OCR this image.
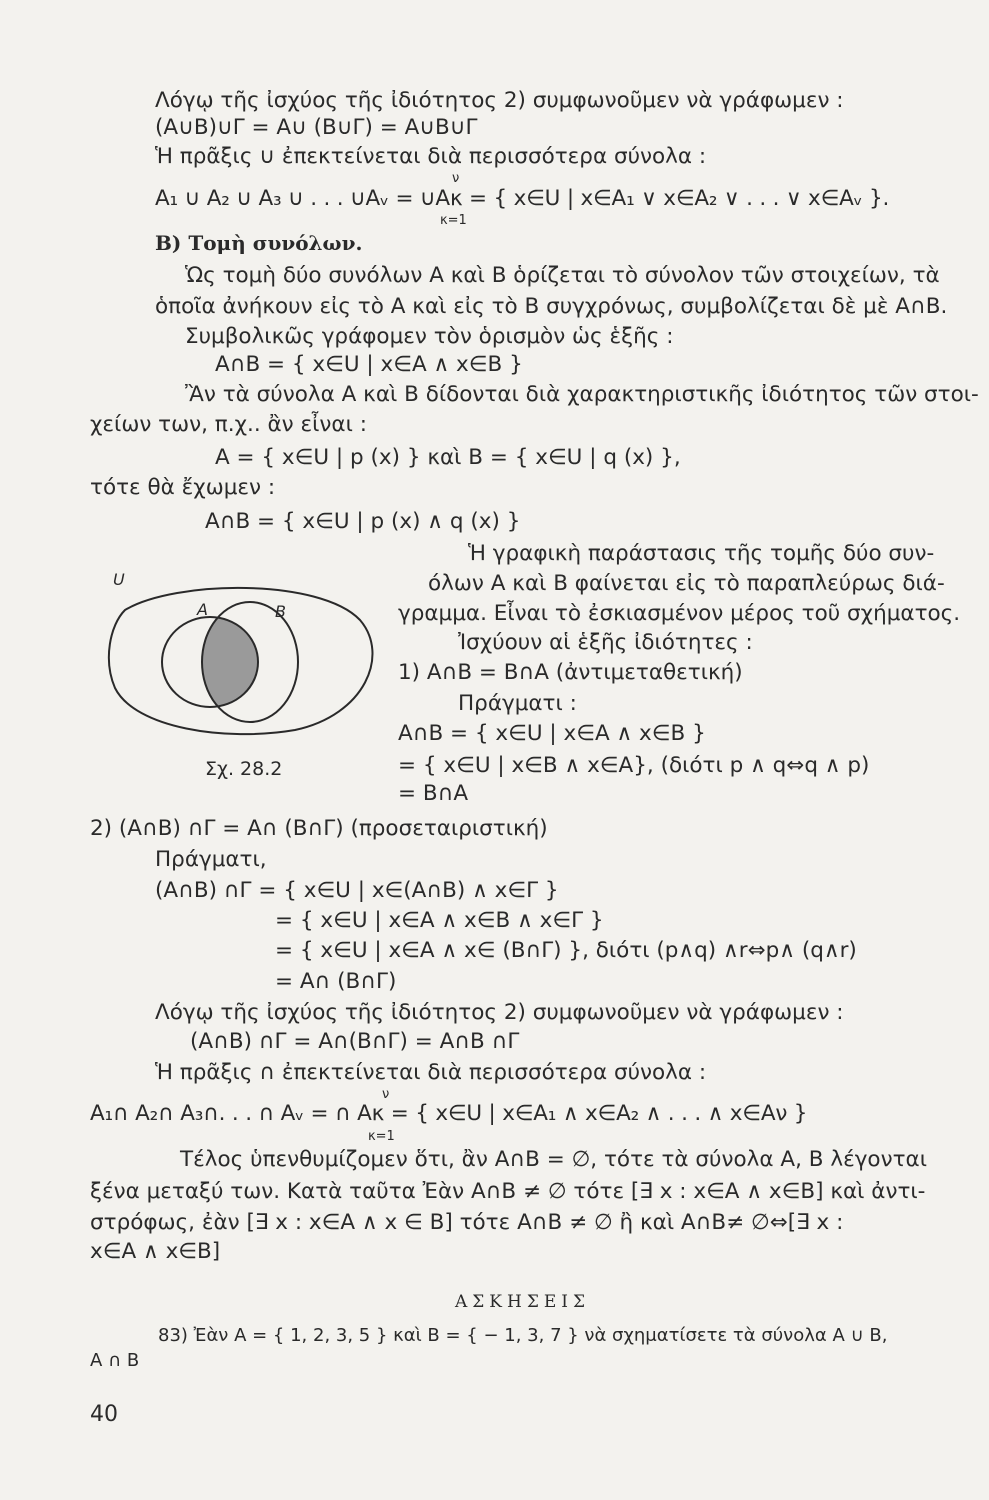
Λόγῳ τῆς ἰσχύος τῆς ἰδιότητος 2) συμφωνοῦμεν νὰ γράφωμεν :
(A∪B)∪Γ = A∪ (B∪Γ) = A∪B∪Γ
Ἡ πρᾶξις ∪ ἐπεκτείνεται διὰ περισσότερα σύνολα :
ν
A₁ ∪ A₂ ∪ A₃ ∪ . . . ∪Aᵥ = ∪Aκ = { x∈U | x∈A₁ ∨ x∈A₂ ∨ . . . ∨ x∈Aᵥ }.
κ=1
B) Τομὴ συνόλων.
Ὡς τομὴ δύο συνόλων A καὶ B ὁρίζεται τὸ σύνολον τῶν στοιχείων, τὰ
ὁποῖα ἀνήκουν εἰς τὸ A καὶ εἰς τὸ B συγχρόνως, συμβολίζεται δὲ μὲ A∩B.
Συμβολικῶς γράφομεν τὸν ὁρισμὸν ὡς ἑξῆς :
A∩B = { x∈U | x∈A ∧ x∈B }
Ἂν τὰ σύνολα A καὶ B δίδονται διὰ χαρακτηριστικῆς ἰδιότητος τῶν στοι-
χείων των, π.χ.. ἂν εἶναι :
A = { x∈U | p (x) } καὶ B = { x∈U | q (x) },
τότε θὰ ἔχωμεν :
A∩B = { x∈U | p (x) ∧ q (x) }
Ἡ γραφικὴ παράστασις τῆς τομῆς δύο συν-
όλων A καὶ B φαίνεται εἰς τὸ παραπλεύρως διά-
γραμμα. Εἶναι τὸ ἐσκιασμένον μέρος τοῦ σχήματος.
Ἰσχύουν αἱ ἑξῆς ἰδιότητες :
1) A∩B = B∩A (ἀντιμεταθετική)
Πράγματι :
A∩B = { x∈U | x∈A ∧ x∈B }
= { x∈U | x∈B ∧ x∈A}, (διότι p ∧ q⇔q ∧ p)
= B∩A
U
A	B
Σχ. 28.2
2) (A∩B) ∩Γ = A∩ (B∩Γ) (προσεταιριστική)
Πράγματι,
(A∩B) ∩Γ = { x∈U | x∈(A∩B) ∧ x∈Γ }
= { x∈U | x∈A ∧ x∈B ∧ x∈Γ }
= { x∈U | x∈A ∧ x∈ (B∩Γ) }, διότι (p∧q) ∧r⇔p∧ (q∧r)
= A∩ (B∩Γ)
Λόγῳ τῆς ἰσχύος τῆς ἰδιότητος 2) συμφωνοῦμεν νὰ γράφωμεν :
(A∩B) ∩Γ = A∩(B∩Γ) = A∩B ∩Γ
Ἡ πρᾶξις ∩ ἐπεκτείνεται διὰ περισσότερα σύνολα :
ν
A₁∩ A₂∩ A₃∩. . . ∩ Aᵥ = ∩ Aκ = { x∈U | x∈A₁ ∧ x∈A₂ ∧ . . . ∧ x∈Aν }
κ=1
Τέλος ὑπενθυμίζομεν ὅτι, ἂν A∩B = ∅, τότε τὰ σύνολα A, B λέγονται
ξένα μεταξύ των. Κατὰ ταῦτα Ἐὰν A∩B ≠ ∅ τότε [∃ x : x∈A ∧ x∈B] καὶ ἀντι-
στρόφως, ἐὰν [∃ x : x∈A ∧ x ∈ B] τότε A∩B ≠ ∅ ἢ καὶ A∩B≠ ∅⇔[∃ x :
x∈A ∧ x∈B]
ΑΣΚΗΣΕΙΣ
83) Ἐὰν A = { 1, 2, 3, 5 } καὶ B = { − 1, 3, 7 } νὰ σχηματίσετε τὰ σύνολα A ∪ B,
A ∩ B
40
